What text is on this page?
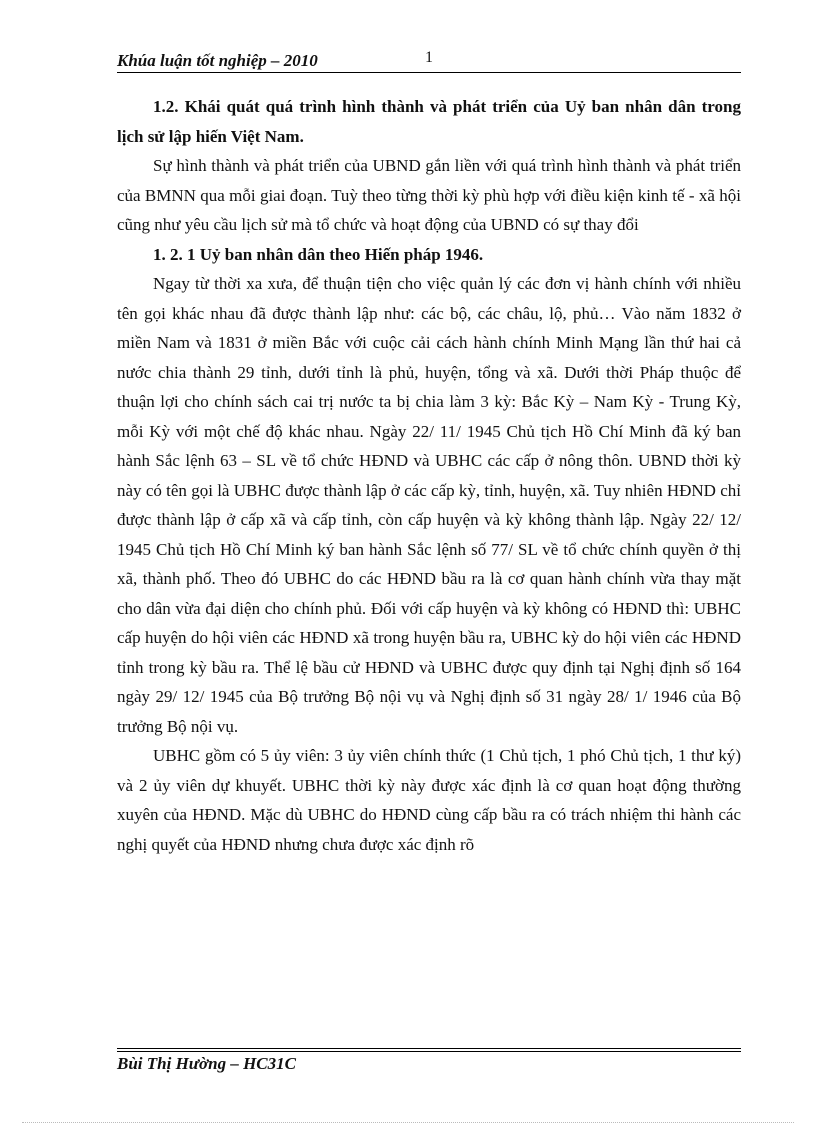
Khúa luận tốt nghiệp – 2010	1

1.2. Khái quát quá trình hình thành và phát triển của Uỷ ban nhân dân trong lịch sử lập hiến Việt Nam.

Sự hình thành và phát triển của UBND gắn liền với quá trình hình thành và phát triển của BMNN qua mỗi giai đoạn. Tuỳ theo từng thời kỳ phù hợp với điều kiện kinh tế - xã hội cũng như yêu cầu lịch sử mà tổ chức và hoạt động của UBND có sự thay đổi

1. 2. 1 Uỷ ban nhân dân theo Hiến pháp 1946.

Ngay từ thời xa xưa, để thuận tiện cho việc quản lý các đơn vị hành chính với nhiều tên gọi khác nhau đã được thành lập như: các bộ, các châu, lộ, phủ… Vào năm 1832 ở miền Nam và 1831 ở miền Bắc với cuộc cải cách hành chính Minh Mạng lần thứ hai cả nước chia thành 29 tỉnh, dưới tỉnh là phủ, huyện, tổng và xã. Dưới thời Pháp thuộc để thuận lợi cho chính sách cai trị nước ta bị chia làm 3 kỳ: Bắc Kỳ – Nam Kỳ - Trung Kỳ, mỗi Kỳ với một chế độ khác nhau. Ngày 22/ 11/ 1945 Chủ tịch Hồ Chí Minh đã ký ban hành Sắc lệnh 63 – SL về tổ chức HĐND và UBHC các cấp ở nông thôn. UBND thời kỳ này có tên gọi là UBHC được thành lập ở các cấp kỳ, tỉnh, huyện, xã. Tuy nhiên HĐND chỉ được thành lập ở cấp xã và cấp tỉnh, còn cấp huyện và kỳ không thành lập. Ngày 22/ 12/ 1945 Chủ tịch Hồ Chí Minh ký ban hành Sắc lệnh số 77/ SL về tổ chức chính quyền ở thị xã, thành phố. Theo đó UBHC do các HĐND bầu ra là cơ quan hành chính vừa thay mặt cho dân vừa đại diện cho chính phủ. Đối với cấp huyện và kỳ không có HĐND thì: UBHC cấp huyện do hội viên các HĐND xã trong huyện bầu ra, UBHC kỳ do hội viên các HĐND tỉnh trong kỳ bầu ra. Thể lệ bầu cử HĐND và UBHC được quy định tại Nghị định số 164 ngày 29/ 12/ 1945 của Bộ trưởng Bộ nội vụ và Nghị định số 31 ngày 28/ 1/ 1946 của Bộ trưởng Bộ nội vụ.

UBHC gồm có 5 ủy viên: 3 ủy viên chính thức (1 Chủ tịch, 1 phó Chủ tịch, 1 thư ký) và 2 ủy viên dự khuyết. UBHC thời kỳ này được xác định là cơ quan hoạt động thường xuyên của HĐND. Mặc dù UBHC do HĐND cùng cấp bầu ra có trách nhiệm thi hành các nghị quyết của HĐND nhưng chưa được xác định rõ

Bùi Thị Hường – HC31C
